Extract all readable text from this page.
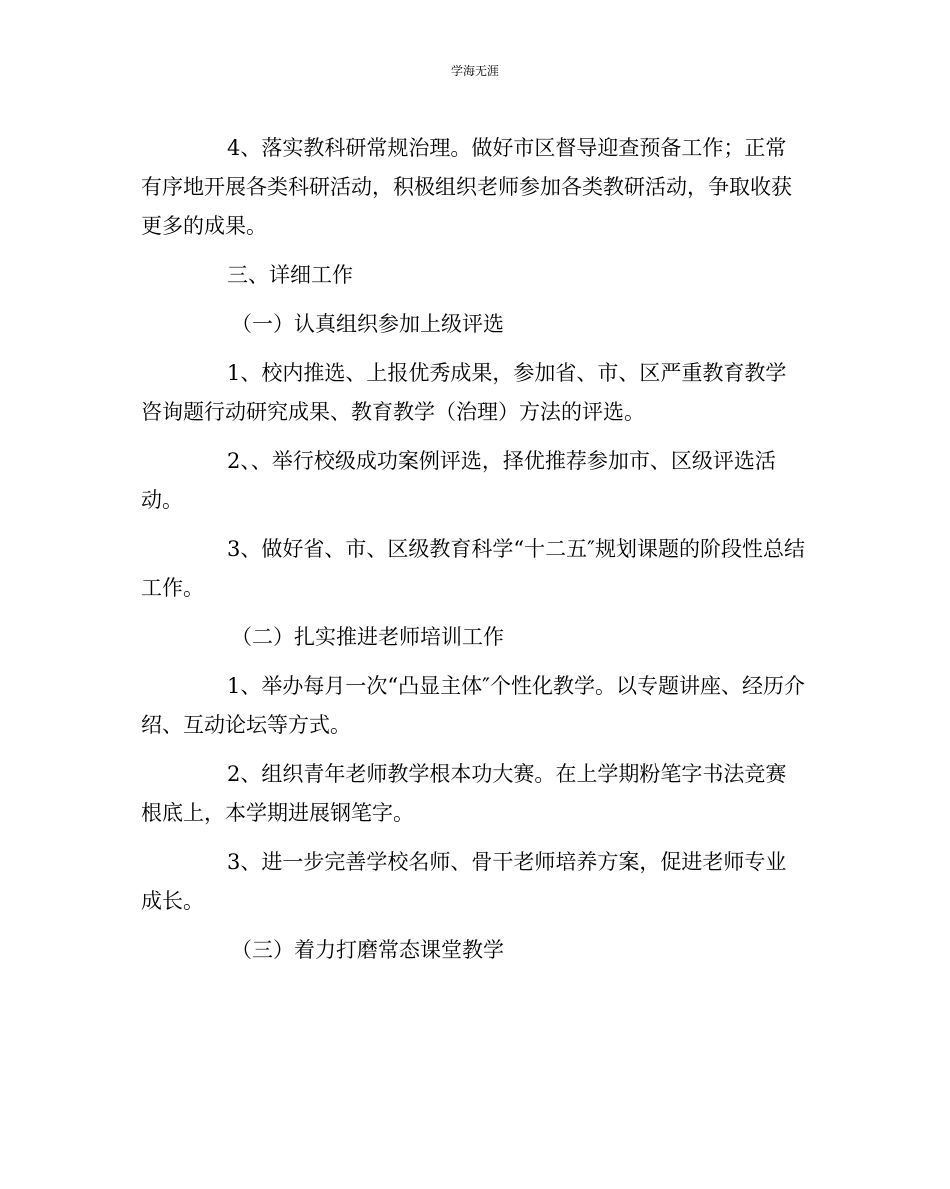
学海无涯

4、落实教科研常规治理。做好市区督导迎查预备工作；正常有序地开展各类科研活动，积极组织老师参加各类教研活动，争取收获更多的成果。

三、详细工作

（一）认真组织参加上级评选

1、校内推选、上报优秀成果，参加省、市、区严重教育教学咨询题行动研究成果、教育教学（治理）方法的评选。

2、、举行校级成功案例评选，择优推荐参加市、区级评选活动。

3、做好省、市、区级教育科学“十二五″规划课题的阶段性总结工作。

（二）扎实推进老师培训工作

1、举办每月一次“凸显主体″个性化教学。以专题讲座、经历介绍、互动论坛等方式。

2、组织青年老师教学根本功大赛。在上学期粉笔字书法竞赛根底上，本学期进展钢笔字。

3、进一步完善学校名师、骨干老师培养方案，促进老师专业成长。

（三）着力打磨常态课堂教学
